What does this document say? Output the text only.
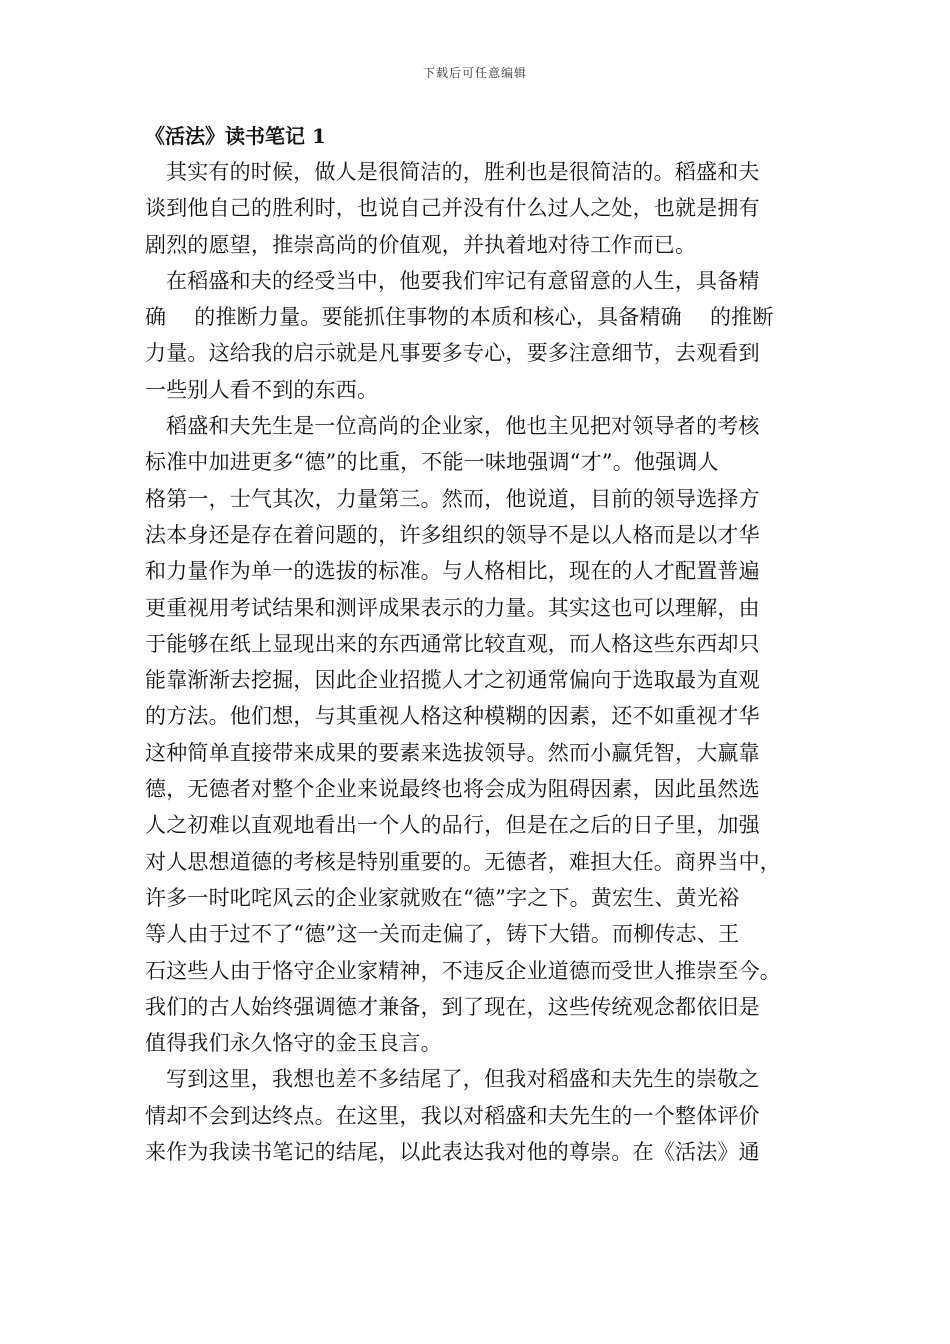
下载后可任意编辑
《活法》读书笔记 1
其实有的时候，做人是很简洁的，胜利也是很简洁的。稻盛和夫
谈到他自己的胜利时，也说自己并没有什么过人之处，也就是拥有
剧烈的愿望，推崇高尚的价值观，并执着地对待工作而已。
在稻盛和夫的经受当中，他要我们牢记有意留意的人生，具备精
确　 的推断力量。要能抓住事物的本质和核心，具备精确　 的推断
力量。这给我的启示就是凡事要多专心，要多注意细节，去观看到
一些别人看不到的东西。
稻盛和夫先生是一位高尚的企业家，他也主见把对领导者的考核
标准中加进更多“德”的比重，不能一味地强调“才”。他强调人
格第一，士气其次，力量第三。然而，他说道，目前的领导选择方
法本身还是存在着问题的，许多组织的领导不是以人格而是以才华
和力量作为单一的选拔的标准。与人格相比，现在的人才配置普遍
更重视用考试结果和测评成果表示的力量。其实这也可以理解，由
于能够在纸上显现出来的东西通常比较直观，而人格这些东西却只
能靠渐渐去挖掘，因此企业招揽人才之初通常偏向于选取最为直观
的方法。他们想，与其重视人格这种模糊的因素，还不如重视才华
这种简单直接带来成果的要素来选拔领导。然而小赢凭智，大赢靠
德，无德者对整个企业来说最终也将会成为阻碍因素，因此虽然选
人之初难以直观地看出一个人的品行，但是在之后的日子里，加强
对人思想道德的考核是特别重要的。无德者，难担大任。商界当中，
许多一时叱咤风云的企业家就败在“德”字之下。黄宏生、黄光裕
等人由于过不了“德”这一关而走偏了，铸下大错。而柳传志、王
石这些人由于恪守企业家精神，不违反企业道德而受世人推崇至今。
我们的古人始终强调德才兼备，到了现在，这些传统观念都依旧是
值得我们永久恪守的金玉良言。
写到这里，我想也差不多结尾了，但我对稻盛和夫先生的崇敬之
情却不会到达终点。在这里，我以对稻盛和夫先生的一个整体评价
来作为我读书笔记的结尾，以此表达我对他的尊崇。在《活法》通
